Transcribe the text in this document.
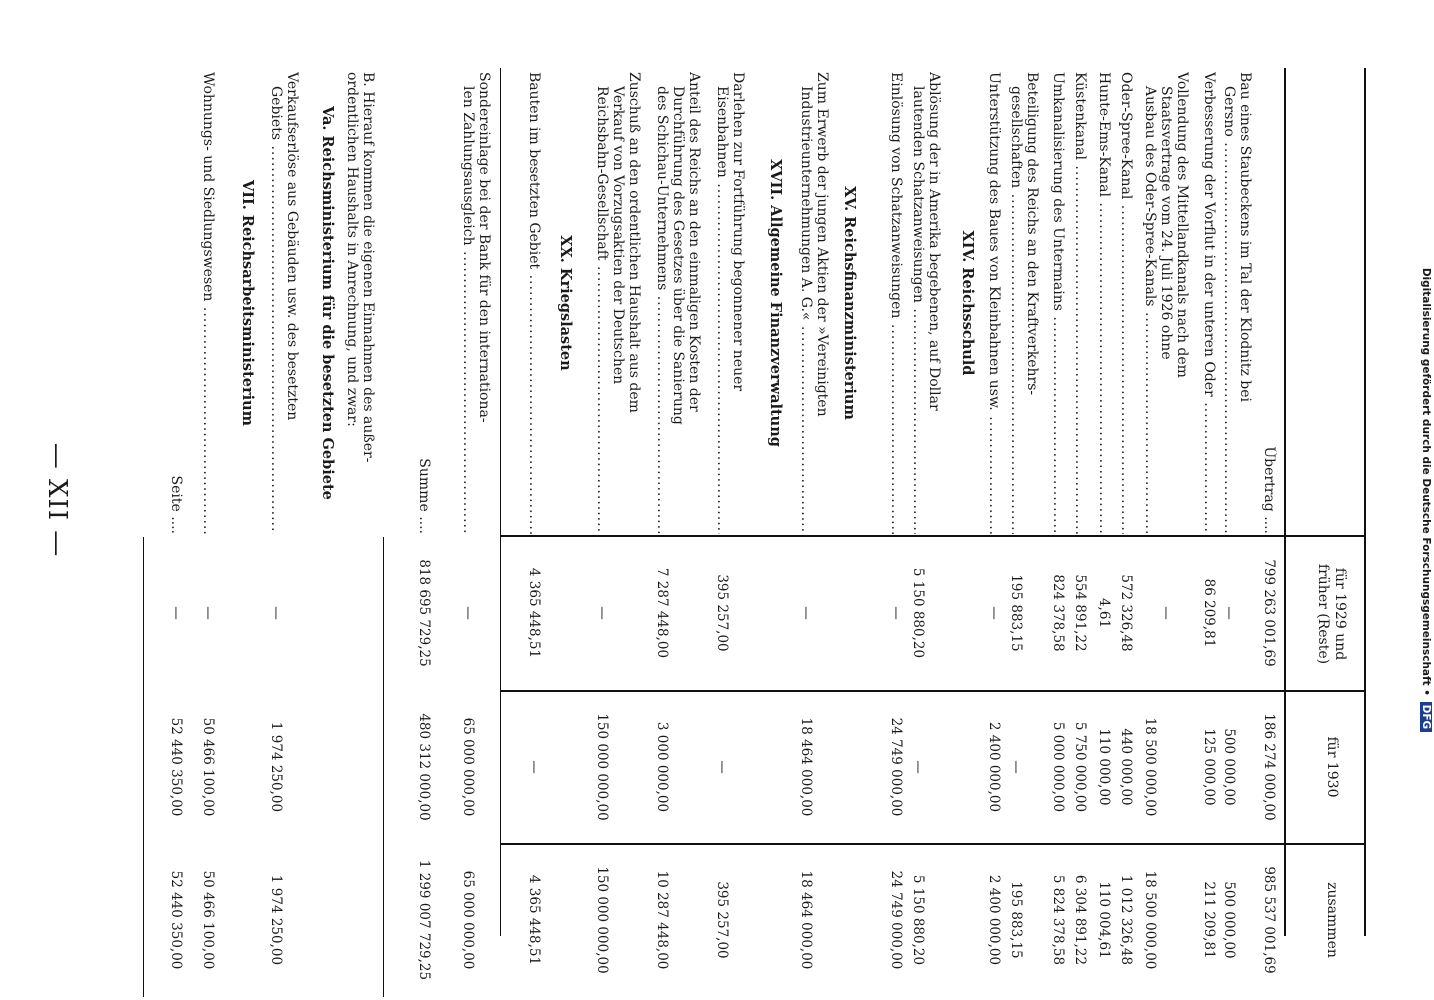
Digitalisierung gefördert durch die Deutsche Forschungsgemeinschaft • DFG
für 1929 und früher (Reste)
für 1930
zusammen
Übertrag ....
799 263 001,69
186 274 000,00
985 537 001,69
Bau eines Staubeckens im Tal der Klodnitz bei
Gersno .....
—
500 000,00
500 000,00
Verbesserung der Vorflut in der unteren Oder .....
86 209,81
125 000,00
211 209,81
Vollendung des Mittellandkanals nach dem
Staatsvertrage vom 24. Juli 1926 ohne
Ausbau des Oder-Spree-Kanals .....
—
18 500 000,00
18 500 000,00
Oder-Spree-Kanal .....
572 326,48
440 000,00
1 012 326,48
Hunte-Ems-Kanal .....
4,61
110 000,00
110 004,61
Küstenkanal .....
554 891,22
5 750 000,00
6 304 891,22
Umkanalisierung des Untermains .....
824 378,58
5 000 000,00
5 824 378,58
Beteiligung des Reichs an den Kraftverkehrs-
gesellschaften .....
195 883,15
—
195 883,15
Unterstützung des Baues von Kleinbahnen usw. .....
—
2 400 000,00
2 400 000,00
XIV. Reichsschuld
Ablösung der in Amerika begebenen, auf Dollar
lautenden Schatzanweisungen .....
5 150 880,20
—
5 150 880,20
Einlösung von Schatzanweisungen .....
—
24 749 000,00
24 749 000,00
XV. Reichsfinanzministerium
Zum Erwerb der jungen Aktien der »Vereinigten
Industrieunternehmungen A. G.« .....
—
18 464 000,00
18 464 000,00
XVII. Allgemeine Finanzverwaltung
Darlehen zur Fortführung begonnener neuer
Eisenbahnen .....
395 257,00
—
395 257,00
Anteil des Reichs an den einmaligen Kosten der
Durchführung des Gesetzes über die Sanierung
des Schichau-Unternehmens .....
7 287 448,00
3 000 000,00
10 287 448,00
Zuschuß an den ordentlichen Haushalt aus dem
Verkauf von Vorzugsaktien der Deutschen
Reichsbahn-Gesellschaft .....
—
150 000 000,00
150 000 000,00
XX. Kriegslasten
Bauten im besetzten Gebiet .....
4 365 448,51
—
4 365 448,51
Sondereinlage bei der Bank für den internationa-
len Zahlungsausgleich .....
—
65 000 000,00
65 000 000,00
Summe ....
818 695 729,25
480 312 000,00
1 299 007 729,25
B. Hierauf kommen die eigenen Einnahmen des außer-ordentlichen Haushalts in Anrechnung, und zwar:
Va. Reichsministerium für die besetzten Gebiete
Verkaufserlöse aus Gebäuden usw. des besetzten
Gebiets .....
—
1 974 250,00
1 974 250,00
VII. Reichsarbeitsministerium
Wohnungs- und Siedlungswesen .....
—
50 466 100,00
50 466 100,00
Seite ....
—
52 440 350,00
52 440 350,00
— XII —
